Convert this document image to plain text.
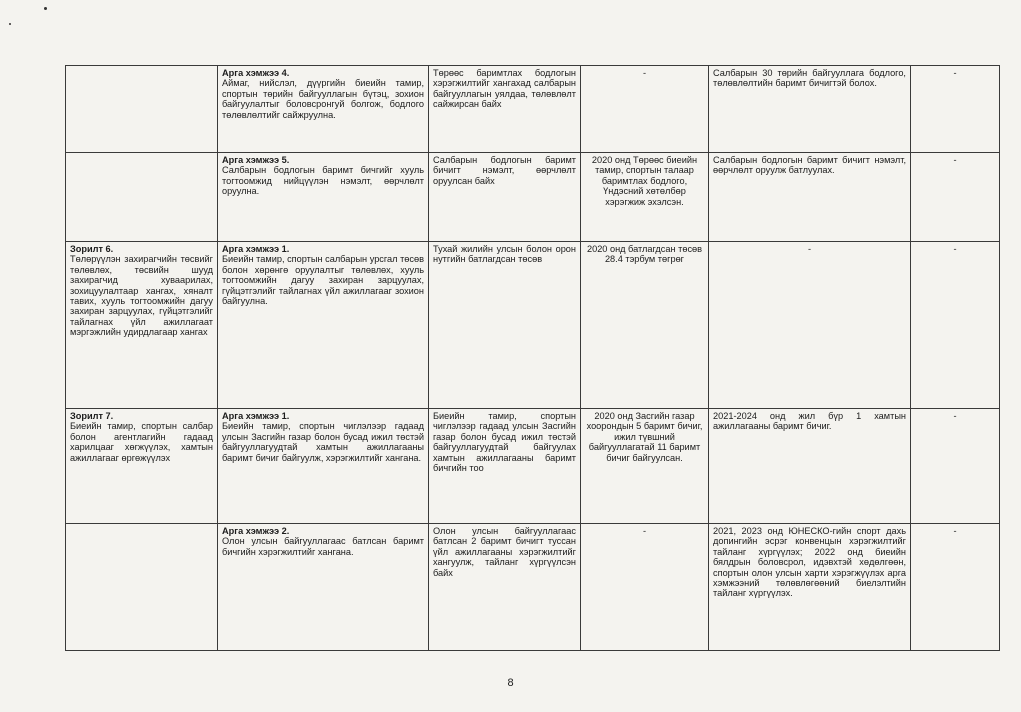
	Арга хэмжээ 4.
Аймаг, нийслэл, дүүргийн биеийн тамир, спортын төрийн байгууллагын бүтэц, зохион байгуулалтыг боловсронгуй болгож, бодлого төлөвлөлтийг сайжруулна.	Төрөөс баримтлах бодлогын хэрэгжилтийг хангахад салбарын байгууллагын уялдаа, төлөвлөлт сайжирсан байх	-	Салбарын 30 төрийн байгууллага бодлого, төлөвлөлтийн баримт бичигтэй болох.	-

	Арга хэмжээ 5.
Салбарын бодлогын баримт бичгийг хууль тогтоомжид нийцүүлэн нэмэлт, өөрчлөлт оруулна.	Салбарын бодлогын баримт бичигт нэмэлт, өөрчлөлт оруулсан байх	2020 онд Төрөөс биеийн тамир, спортын талаар баримтлах бодлого, Үндэсний хөтөлбөр хэрэгжиж эхэлсэн.	Салбарын бодлогын баримт бичигт нэмэлт, өөрчлөлт оруулж батлуулах.	-

Зорилт 6.
Төлөрүүлэн захирагчийн төсвийг төлөвлөх, төсвийн шууд захирагчид хуваарилах, зохицуулалтаар хангах, хяналт тавих, хууль тогтоомжийн дагуу захиран зарцуулах, гүйцэтгэлийг тайлагнах үйл ажиллагаат мэргэжлийн удирдлагаар хангах	Арга хэмжээ 1.
Биеийн тамир, спортын салбарын урсгал төсөв болон хөрөнгө оруулалтыг төлөвлөх, хууль тогтоомжийн дагуу захиран зарцуулах, гүйцэтгэлийг тайлагнах үйл ажиллагааг зохион байгуулна.	Тухай жилийн улсын болон орон нутгийн батлагдсан төсөв	2020 онд батлагдсан төсөв 28.4 тэрбум төгрөг	-	-

Зорилт 7.
Биеийн тамир, спортын салбар болон агентлагийн гадаад харилцааг хөгжүүлэх, хамтын ажиллагааг өргөжүүлэх	Арга хэмжээ 1.
Биеийн тамир, спортын чиглэлээр гадаад улсын Засгийн газар болон бусад ижил төстэй байгууллагуудтай хамтын ажиллагааны баримт бичиг байгуулж, хэрэгжилтийг хангана.	Биеийн тамир, спортын чиглэлээр гадаад улсын Засгийн газар болон бусад ижил төстэй байгууллагуудтай байгуулах хамтын ажиллагааны баримт бичгийн тоо	2020 онд Засгийн газар хоорондын 5 баримт бичиг, ижил түвшний байгууллагатай 11 баримт бичиг байгуулсан.	2021-2024 онд жил бүр 1 хамтын ажиллагааны баримт бичиг.	-

	Арга хэмжээ 2.
Олон улсын байгууллагаас батлсан баримт бичгийн хэрэгжилтийг хангана.	Олон улсын байгууллагаас батлсан 2 баримт бичигт туссан үйл ажиллагааны хэрэгжилтийг хангуулж, тайланг хүргүүлсэн байх	-	2021, 2023 онд ЮНЕСКО-гийн спорт дахь допингийн эсрэг конвенцын хэрэгжилтийг тайланг хүргүүлэх; 2022 онд биеийн бялдрын боловсрол, идэвхтэй хөдөлгөөн, спортын олон улсын харти хэрэгжүүлэх арга хэмжээний төлөвлөгөөний биелэлтийн тайланг хүргүүлэх.	-
8
